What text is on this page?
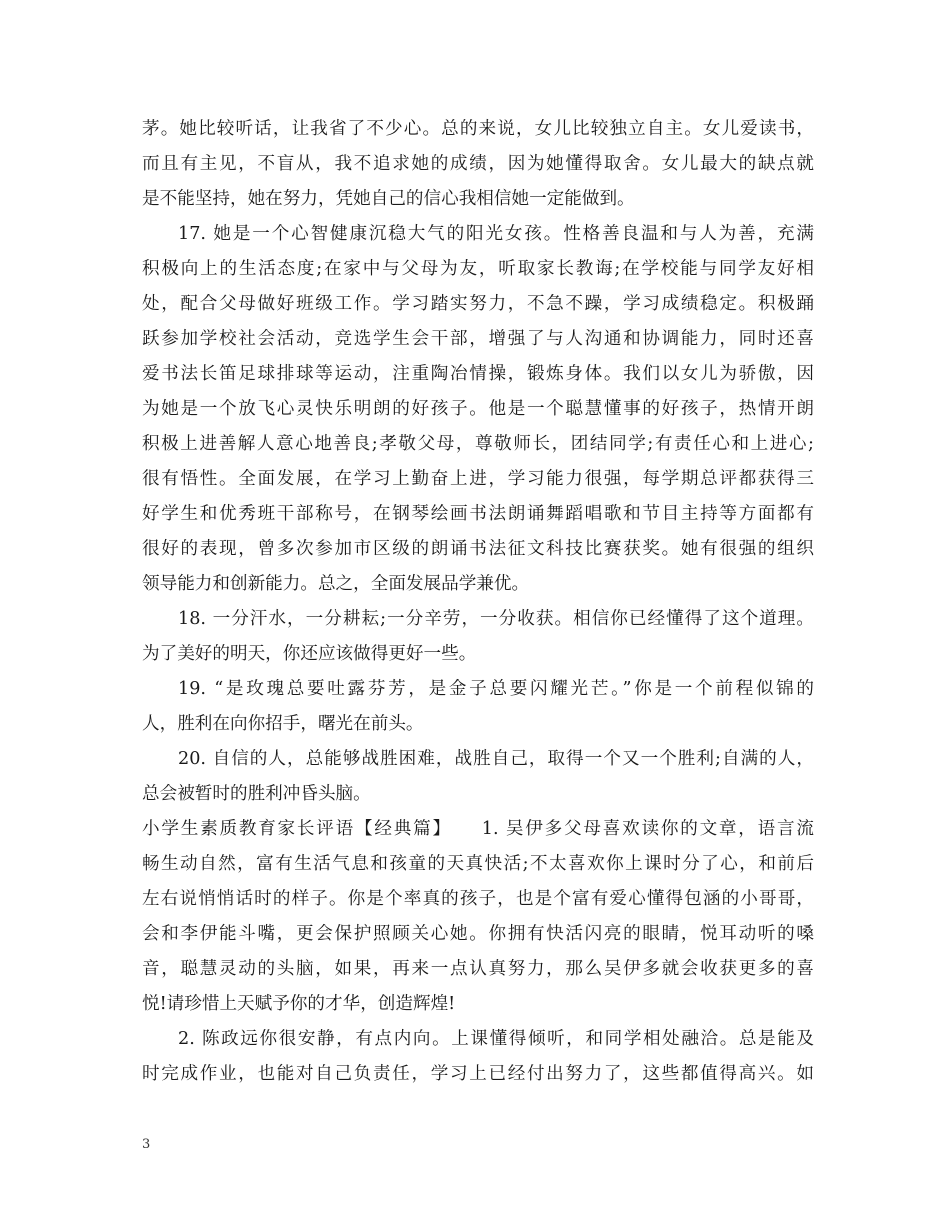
茅。她比较听话，让我省了不少心。总的来说，女儿比较独立自主。女儿爱读书，
而且有主见，不盲从，我不追求她的成绩，因为她懂得取舍。女儿最大的缺点就
是不能坚持，她在努力，凭她自己的信心我相信她一定能做到。
17. 她是一个心智健康沉稳大气的阳光女孩。性格善良温和与人为善，充满
积极向上的生活态度;在家中与父母为友，听取家长教诲;在学校能与同学友好相
处，配合父母做好班级工作。学习踏实努力，不急不躁，学习成绩稳定。积极踊
跃参加学校社会活动，竞选学生会干部，增强了与人沟通和协调能力，同时还喜
爱书法长笛足球排球等运动，注重陶冶情操，锻炼身体。我们以女儿为骄傲，因
为她是一个放飞心灵快乐明朗的好孩子。他是一个聪慧懂事的好孩子，热情开朗
积极上进善解人意心地善良;孝敬父母，尊敬师长，团结同学;有责任心和上进心;
很有悟性。全面发展，在学习上勤奋上进，学习能力很强，每学期总评都获得三
好学生和优秀班干部称号，在钢琴绘画书法朗诵舞蹈唱歌和节目主持等方面都有
很好的表现，曾多次参加市区级的朗诵书法征文科技比赛获奖。她有很强的组织
领导能力和创新能力。总之，全面发展品学兼优。
18. 一分汗水，一分耕耘;一分辛劳，一分收获。相信你已经懂得了这个道理。
为了美好的明天，你还应该做得更好一些。
19. “是玫瑰总要吐露芬芳，是金子总要闪耀光芒。”你是一个前程似锦的
人，胜利在向你招手，曙光在前头。
20. 自信的人，总能够战胜困难，战胜自己，取得一个又一个胜利;自满的人，
总会被暂时的胜利冲昏头脑。
小学生素质教育家长评语【经典篇】　　1. 吴伊多父母喜欢读你的文章，语言流
畅生动自然，富有生活气息和孩童的天真快活;不太喜欢你上课时分了心，和前后
左右说悄悄话时的样子。你是个率真的孩子，也是个富有爱心懂得包涵的小哥哥，
会和李伊能斗嘴，更会保护照顾关心她。你拥有快活闪亮的眼睛，悦耳动听的嗓
音，聪慧灵动的头脑，如果，再来一点认真努力，那么吴伊多就会收获更多的喜
悦!请珍惜上天赋予你的才华，创造辉煌!
2. 陈政远你很安静，有点内向。上课懂得倾听，和同学相处融洽。总是能及
时完成作业，也能对自己负责任，学习上已经付出努力了，这些都值得高兴。如
3
